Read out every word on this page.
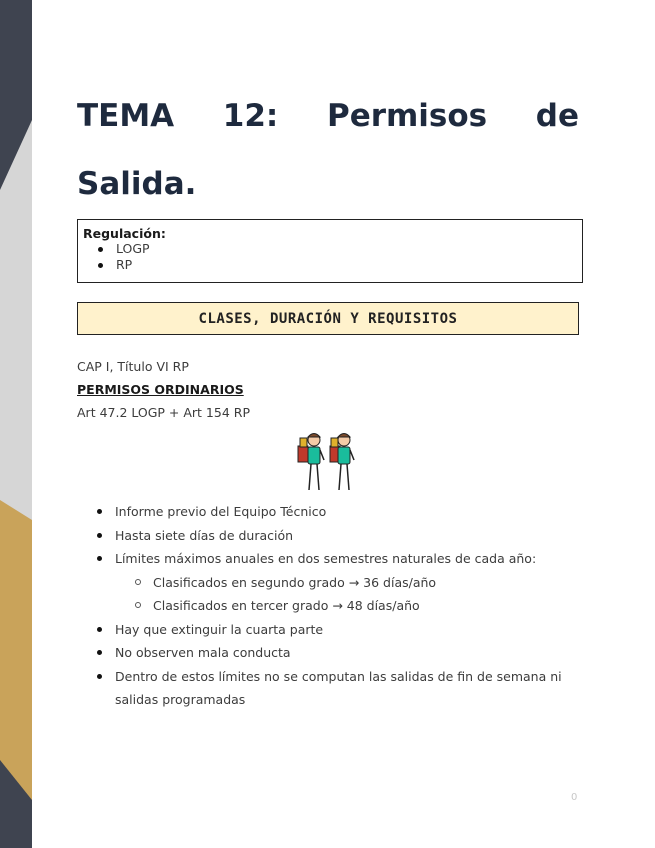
TEMA 12: Permisos de
Salida.
Regulación:
LOGP
RP
CLASES, DURACIÓN Y REQUISITOS
CAP I, Título VI RP
PERMISOS ORDINARIOS
Art 47.2 LOGP + Art 154 RP
Informe previo del Equipo Técnico
Hasta siete días de duración
Límites máximos anuales en dos semestres naturales de cada año:
Clasificados en segundo grado → 36 días/año
Clasificados en tercer grado → 48 días/año
Hay que extinguir la cuarta parte
No observen mala conducta
Dentro de estos límites no se computan las salidas de fin de semana ni salidas programadas
0
